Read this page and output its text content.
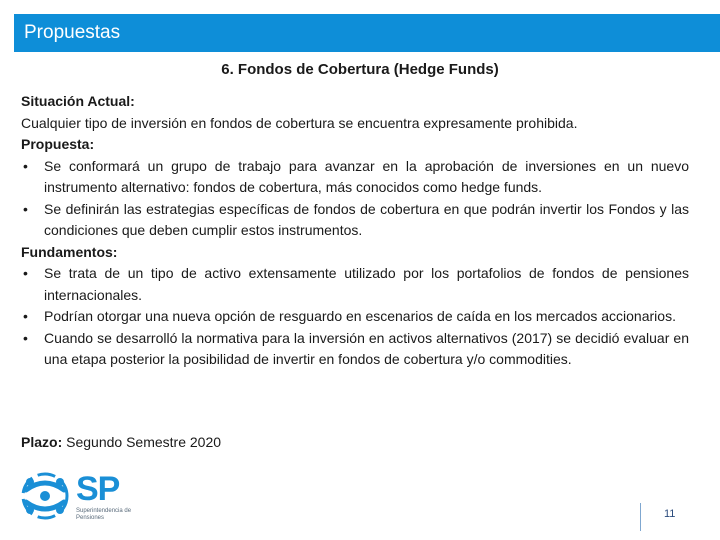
Propuestas
6. Fondos de Cobertura (Hedge Funds)
Situación Actual:
Cualquier tipo de inversión en fondos de cobertura se encuentra expresamente prohibida.
Propuesta:
• Se conformará un grupo de trabajo para avanzar en la aprobación de inversiones en un nuevo instrumento alternativo: fondos de cobertura, más conocidos como hedge funds.
• Se definirán las estrategias específicas de fondos de cobertura en que podrán invertir los Fondos y las condiciones que deben cumplir estos instrumentos.
Fundamentos:
• Se trata de un tipo de activo extensamente utilizado por los portafolios de fondos de pensiones internacionales.
• Podrían otorgar una nueva opción de resguardo en escenarios de caída en los mercados accionarios.
• Cuando se desarrolló la normativa para la inversión en activos alternativos (2017) se decidió evaluar en una etapa posterior la posibilidad de invertir en fondos de cobertura y/o commodities.
Plazo: Segundo Semestre 2020
SP
Superintendencia de Pensiones	11
